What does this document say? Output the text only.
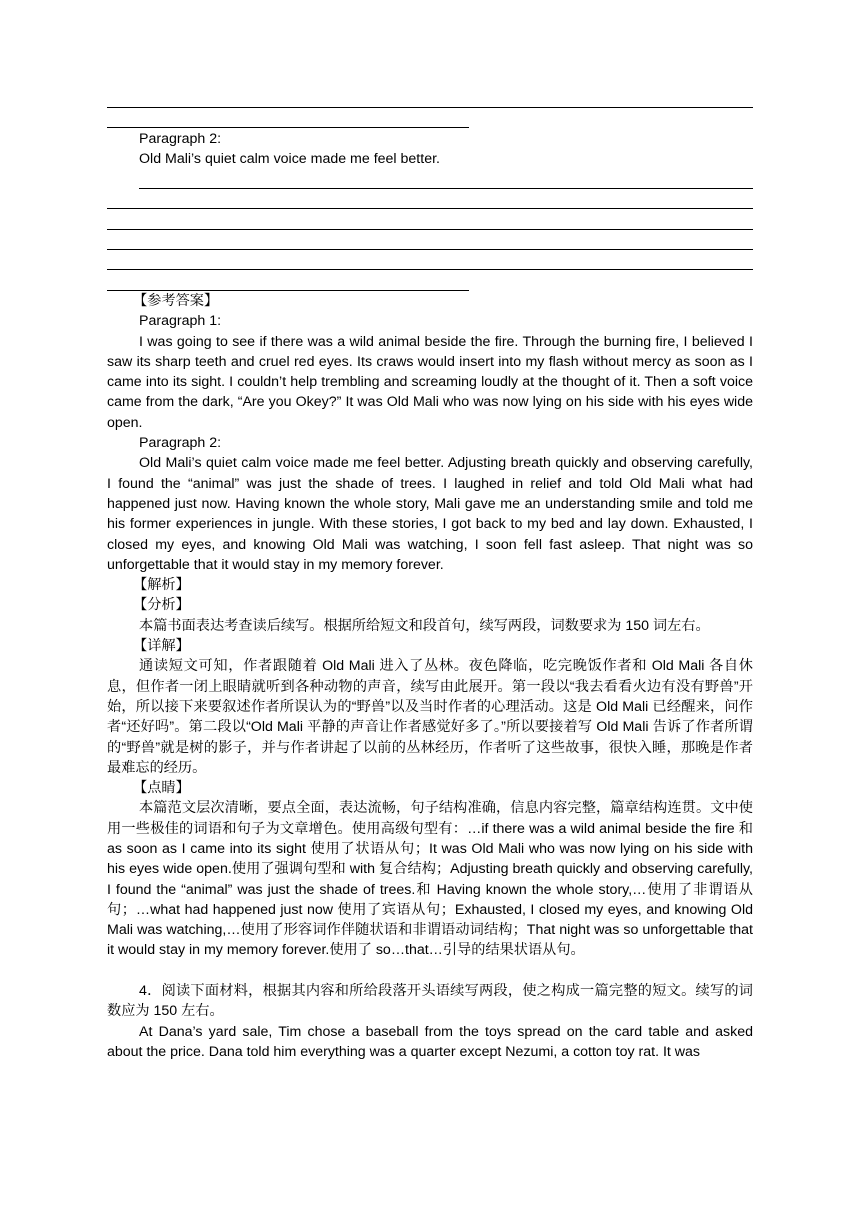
Paragraph 2:

Old Mali’s quiet calm voice made me feel better.

【参考答案】

Paragraph 1:

I was going to see if there was a wild animal beside the fire. Through the burning fire, I believed I saw its sharp teeth and cruel red eyes. Its craws would insert into my flash without mercy as soon as I came into its sight. I couldn’t help trembling and screaming loudly at the thought of it. Then a soft voice came from the dark, “Are you Okey?” It was Old Mali who was now lying on his side with his eyes wide open.

Paragraph 2:

Old Mali’s quiet calm voice made me feel better. Adjusting breath quickly and observing carefully, I found the “animal” was just the shade of trees. I laughed in relief and told Old Mali what had happened just now. Having known the whole story, Mali gave me an understanding smile and told me his former experiences in jungle. With these stories, I got back to my bed and lay down. Exhausted, I closed my eyes, and knowing Old Mali was watching, I soon fell fast asleep. That night was so unforgettable that it would stay in my memory forever.

【解析】

【分析】

本篇书面表达考查读后续写。根据所给短文和段首句，续写两段，词数要求为 150 词左右。

【详解】

通读短文可知，作者跟随着 Old Mali 进入了丛林。夜色降临，吃完晚饭作者和 Old Mali 各自休息，但作者一闭上眼睛就听到各种动物的声音，续写由此展开。第一段以“我去看看火边有没有野兽”开始，所以接下来要叙述作者所误认为的“野兽”以及当时作者的心理活动。这是 Old Mali 已经醒来，问作者“还好吗”。第二段以“Old Mali 平静的声音让作者感觉好多了。”所以要接着写 Old Mali 告诉了作者所谓的“野兽”就是树的影子，并与作者讲起了以前的丛林经历，作者听了这些故事，很快入睡，那晚是作者最难忘的经历。

【点睛】

本篇范文层次清晰，要点全面，表达流畅，句子结构准确，信息内容完整，篇章结构连贯。文中使用一些极佳的词语和句子为文章增色。使用高级句型有：…if there was a wild animal beside the fire 和 as soon as I came into its sight 使用了状语从句；It was Old Mali who was now lying on his side with his eyes wide open.使用了强调句型和 with 复合结构；Adjusting breath quickly and observing carefully, I found the “animal” was just the shade of trees.和 Having known the whole story,…使用了非谓语从句；…what had happened just now 使用了宾语从句；Exhausted, I closed my eyes, and knowing Old Mali was watching,…使用了形容词作伴随状语和非谓语动词结构；That night was so unforgettable that it would stay in my memory forever.使用了 so…that…引导的结果状语从句。

4．阅读下面材料，根据其内容和所给段落开头语续写两段，使之构成一篇完整的短文。续写的词数应为 150 左右。

At Dana’s yard sale, Tim chose a baseball from the toys spread on the card table and asked about the price. Dana told him everything was a quarter except Nezumi, a cotton toy rat. It was
